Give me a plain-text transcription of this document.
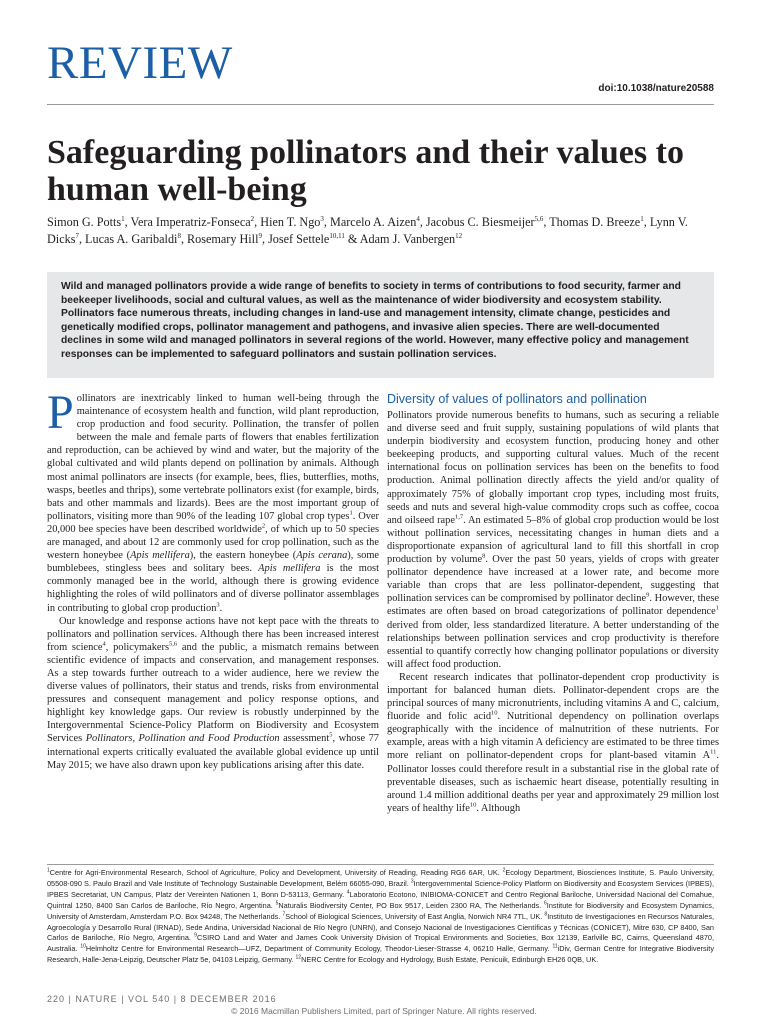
REVIEW	doi:10.1038/nature20588
Safeguarding pollinators and their values to human well-being

Simon G. Potts$^1$, Vera Imperatriz-Fonseca$^2$, Hien T. Ngo$^3$, Marcelo A. Aizen$^4$, Jacobus C. Biesmeijer$^{5,6}$, Thomas D. Breeze$^1$, Lynn V. Dicks$^7$, Lucas A. Garibaldi$^8$, Rosemary Hill$^9$, Josef Settele$^{10,11}$ & Adam J. Vanbergen$^{12}$

Wild and managed pollinators provide a wide range of benefits to society in terms of contributions to food security, farmer and beekeeper livelihoods, social and cultural values, as well as the maintenance of wider biodiversity and ecosystem stability. Pollinators face numerous threats, including changes in land-use and management intensity, climate change, pesticides and genetically modified crops, pollinator management and pathogens, and invasive alien species. There are well-documented declines in some wild and managed pollinators in several regions of the world. However, many effective policy and management responses can be implemented to safeguard pollinators and sustain pollination services.

Pollinators are inextricably linked to human well-being through the maintenance of ecosystem health and function, wild plant reproduction, crop production and food security. Pollination, the transfer of pollen between the male and female parts of flowers that enables fertilization and reproduction, can be achieved by wind and water, but the majority of the global cultivated and wild plants depend on pollination by animals. Although most animal pollinators are insects (for example, bees, flies, butterflies, moths, wasps, beetles and thrips), some vertebrate pollinators exist (for example, birds, bats and other mammals and lizards). Bees are the most important group of pollinators, visiting more than 90% of the leading 107 global crop types$^1$. Over 20,000 bee species have been described worldwide$^2$, of which up to 50 species are managed, and about 12 are commonly used for crop pollination, such as the western honeybee (Apis mellifera), the eastern honeybee (Apis cerana), some bumblebees, stingless bees and solitary bees. Apis mellifera is the most commonly managed bee in the world, although there is growing evidence highlighting the roles of wild pollinators and of diverse pollinator assemblages in contributing to global crop production$^3$.

Our knowledge and response actions have not kept pace with the threats to pollinators and pollination services. Although there has been increased interest from science$^4$, policymakers$^{5,6}$ and the public, a mismatch remains between scientific evidence of impacts and conservation, and management responses. As a step towards further outreach to a wider audience, here we review the diverse values of pollinators, their status and trends, risks from environmental pressures and consequent management and policy response options, and highlight key knowledge gaps. Our review is robustly underpinned by the Intergovernmental Science-Policy Platform on Biodiversity and Ecosystem Services Pollinators, Pollination and Food Production assessment$^5$, whose 77 international experts critically evaluated the available global evidence up until May 2015; we have also drawn upon key publications arising after this date.

Diversity of values of pollinators and pollination

Pollinators provide numerous benefits to humans, such as securing a reliable and diverse seed and fruit supply, sustaining populations of wild plants that underpin biodiversity and ecosystem function, producing honey and other beekeeping products, and supporting cultural values. Much of the recent international focus on pollination services has been on the benefits to food production. Animal pollination directly affects the yield and/or quality of approximately 75% of globally important crop types, including most fruits, seeds and nuts and several high-value commodity crops such as coffee, cocoa and oilseed rape$^{1,7}$. An estimated 5–8% of global crop production would be lost without pollination services, necessitating changes in human diets and a disproportionate expansion of agricultural land to fill this shortfall in crop production by volume$^8$. Over the past 50 years, yields of crops with greater pollinator dependence have increased at a lower rate, and become more variable than crops that are less pollinator-dependent, suggesting that pollination services can be compromised by pollinator decline$^9$. However, these estimates are often based on broad categorizations of pollinator dependence$^1$ derived from older, less standardized literature. A better understanding of the relationships between pollination services and crop productivity is therefore essential to quantify correctly how changing pollinator populations or diversity will affect food production.

Recent research indicates that pollinator-dependent crop productivity is important for balanced human diets. Pollinator-dependent crops are the principal sources of many micronutrients, including vitamins A and C, calcium, fluoride and folic acid$^{10}$. Nutritional dependency on pollination overlaps geographically with the incidence of malnutrition of these nutrients. For example, areas with a high vitamin A deficiency are estimated to be three times more reliant on pollinator-dependent crops for plant-based vitamin $A^{11}$. Pollinator losses could therefore result in a substantial rise in the global rate of preventable diseases, such as ischaemic heart disease, potentially resulting in around 1.4 million additional deaths per year and approximately 29 million lost years of healthy life$^{10}$. Although

$^1$Centre for Agri-Environmental Research, School of Agriculture, Policy and Development, University of Reading, Reading RG6 6AR, UK. $^2$Ecology Department, Biosciences Institute, S. Paulo University, 05508-090 S. Paulo Brazil and Vale Institute of Technology Sustainable Development, Belém 66055-090, Brazil. $^3$Intergovernmental Science-Policy Platform on Biodiversity and Ecosystem Services (IPBES), IPBES Secretariat, UN Campus, Platz der Vereinten Nationen 1, Bonn D-53113, Germany. $^4$Laboratorio Ecotono, INIBIOMA-CONICET and Centro Regional Bariloche, Universidad Nacional del Comahue, Quintral 1250, 8400 San Carlos de Bariloche, Río Negro, Argentina. $^5$Naturalis Biodiversity Center, PO Box 9517, Leiden 2300 RA, The Netherlands. $^6$Institute for Biodiversity and Ecosystem Dynamics, University of Amsterdam, Amsterdam P.O. Box 94248, The Netherlands. $^7$School of Biological Sciences, University of East Anglia, Norwich NR4 7TL, UK. $^8$Instituto de Investigaciones en Recursos Naturales, Agroecología y Desarrollo Rural (IRNAD), Sede Andina, Universidad Nacional de Río Negro (UNRN), and Consejo Nacional de Investigaciones Científicas y Técnicas (CONICET), Mitre 630, CP 8400, San Carlos de Bariloche, Río Negro, Argentina. $^9$CSIRO Land and Water and James Cook University Division of Tropical Environments and Societies, Box 12139, Earlville BC, Cairns, Queensland 4870, Australia. $^{10}$Helmholtz Centre for Environmental Research—UFZ, Department of Community Ecology, Theodor-Lieser-Strasse 4, 06210 Halle, Germany. $^{11}$iDiv, German Centre for Integrative Biodiversity Research, Halle-Jena-Leipzig, Deutscher Platz 5e, 04103 Leipzig, Germany. $^{12}$NERC Centre for Ecology and Hydrology, Bush Estate, Penicuik, Edinburgh EH26 0QB, UK.

220 | NATURE | VOL 540 | 8 DECEMBER 2016

© 2016 Macmillan Publishers Limited, part of Springer Nature. All rights reserved.
